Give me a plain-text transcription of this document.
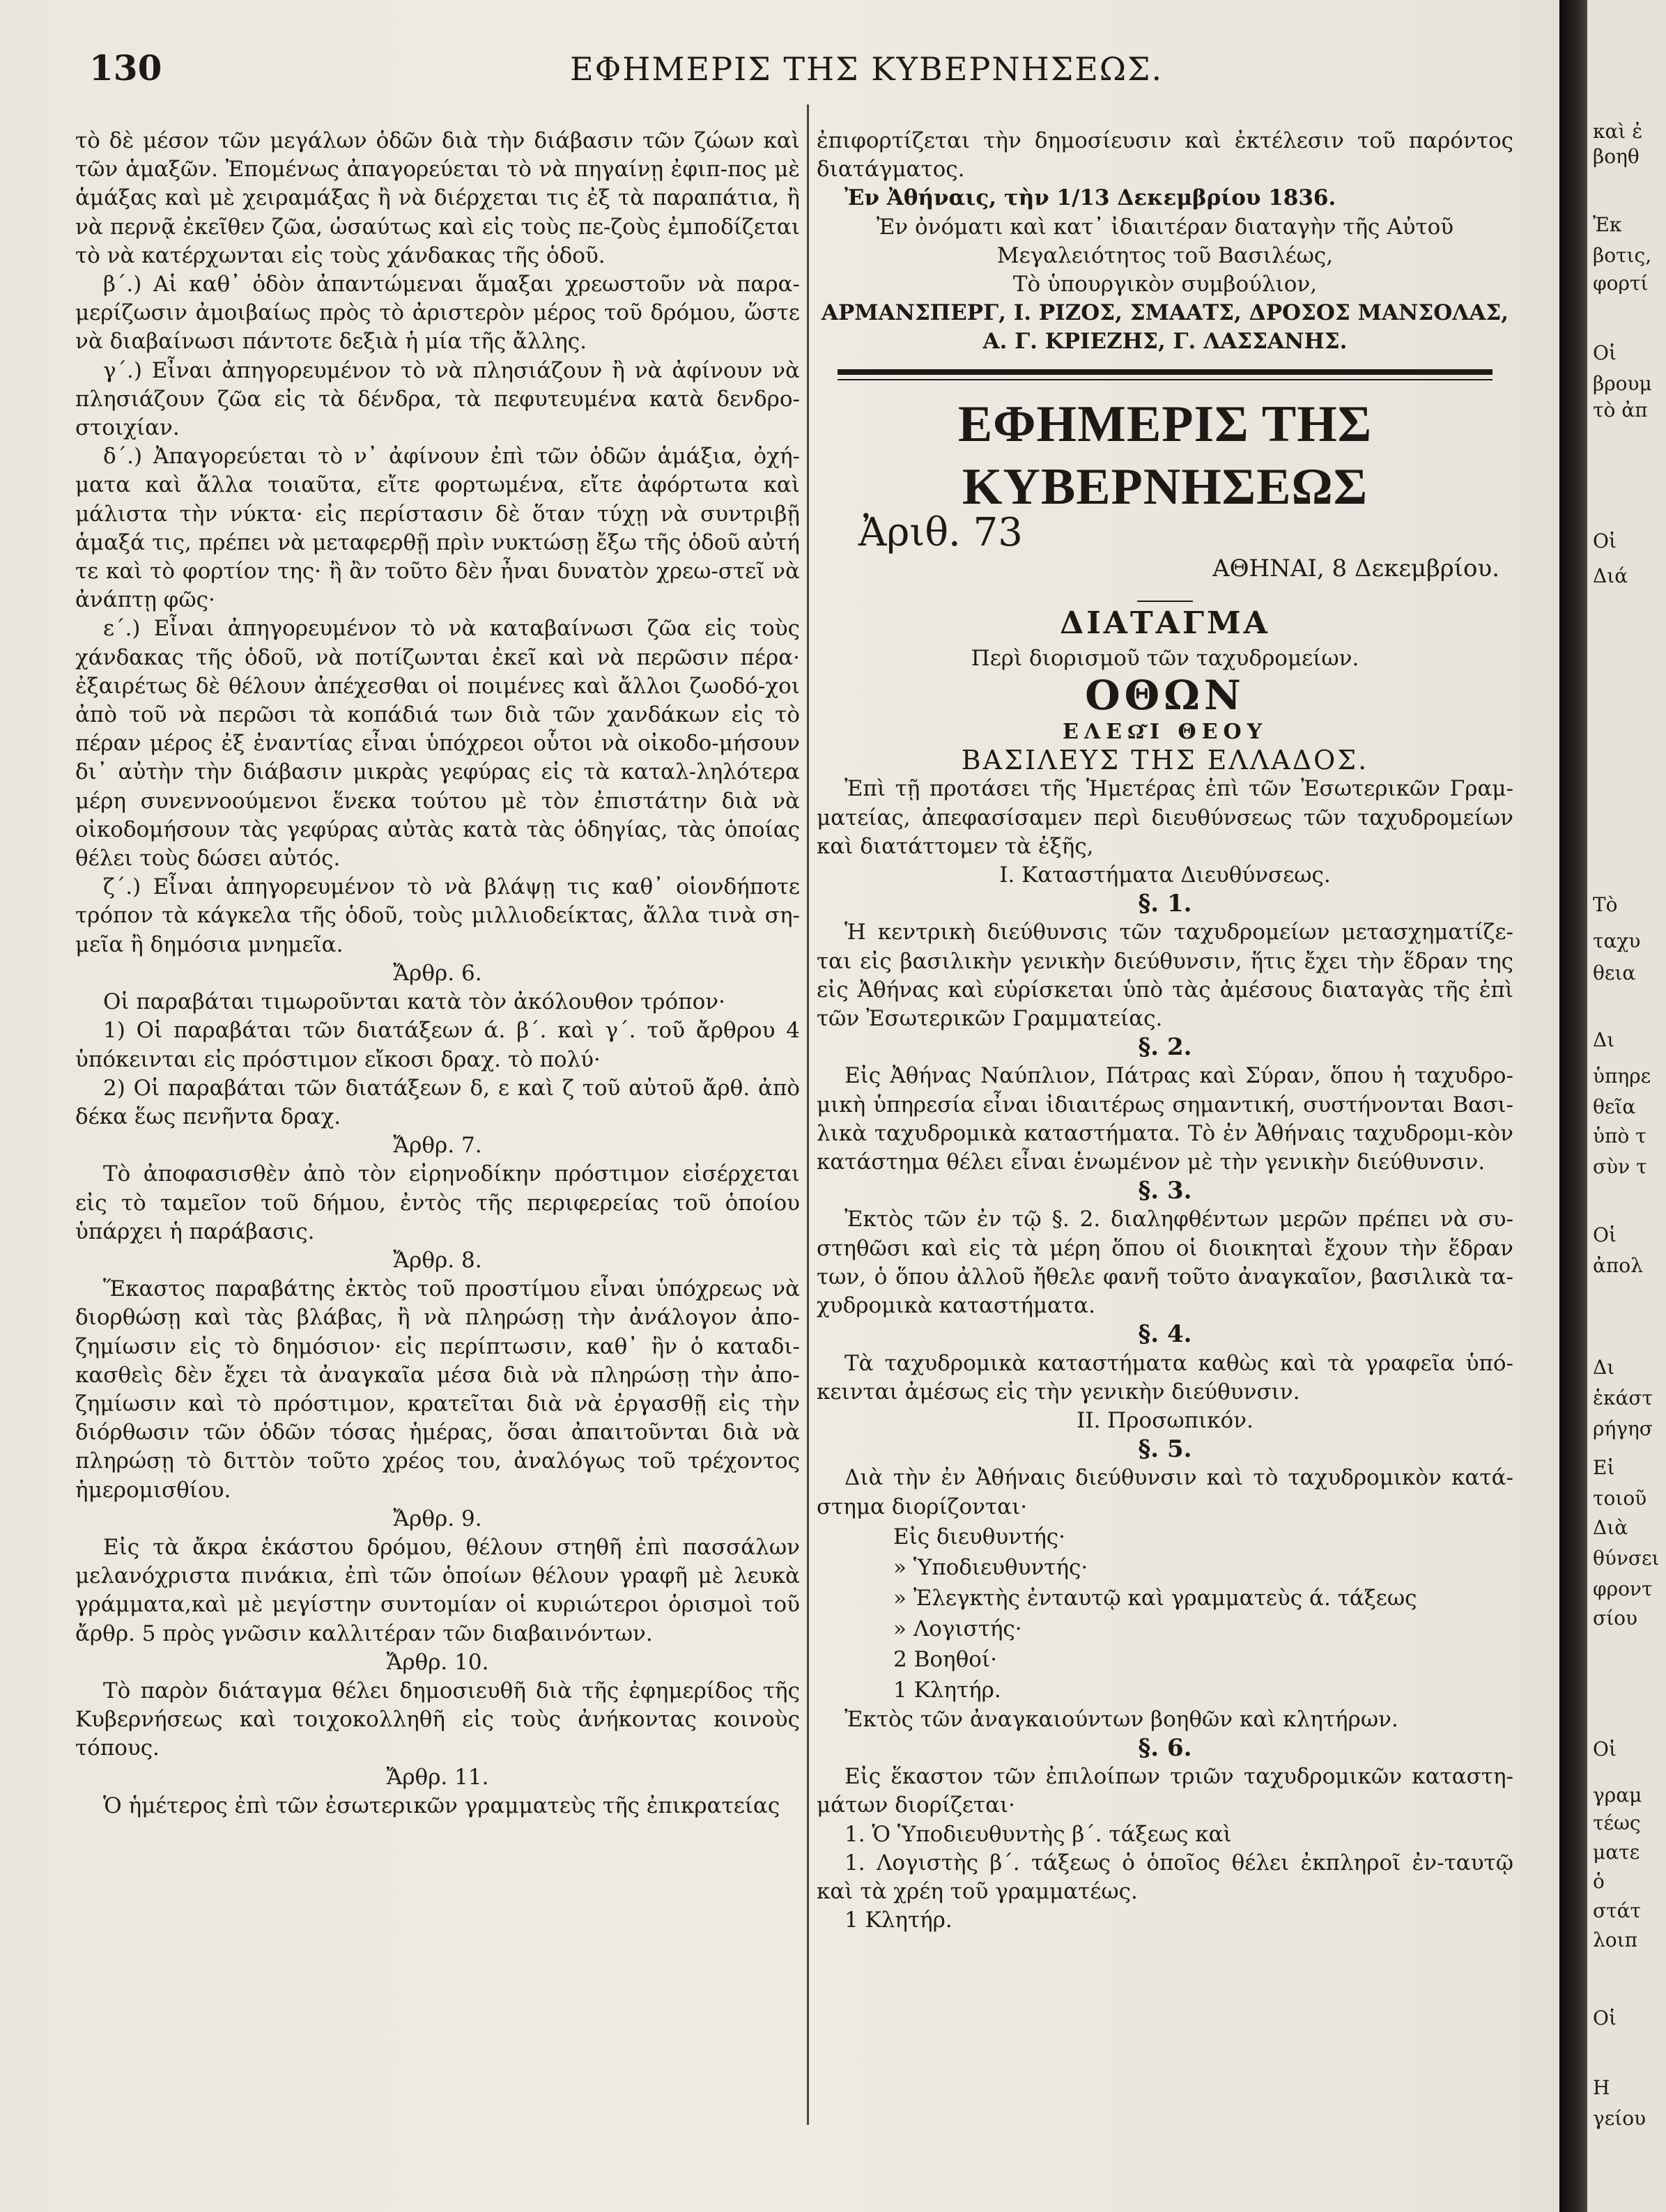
130	ΕΦΗΜΕΡΙΣ ΤΗΣ ΚΥΒΕΡΝΗΣΕΩΣ.

τὸ δὲ μέσον τῶν μεγάλων ὁδῶν διὰ τὴν διάβασιν τῶν ζώων καὶ τῶν ἁμαξῶν. Ἐπομένως ἀπαγορεύεται τὸ νὰ πηγαίνῃ ἐφιπ-πος μὲ ἁμάξας καὶ μὲ χειραμάξας ἢ νὰ διέρχεται τις ἐξ τὰ παραπάτια, ἢ νὰ περνᾷ ἐκεῖθεν ζῶα, ὡσαύτως καὶ εἰς τοὺς πε-ζοὺς ἐμποδίζεται τὸ νὰ κατέρχωνται εἰς τοὺς χάνδακας τῆς ὁδοῦ.

β΄.) Αἱ καθ᾿ ὁδὸν ἀπαντώμεναι ἅμαξαι χρεωστοῦν νὰ παρα-μερίζωσιν ἀμοιβαίως πρὸς τὸ ἀριστερὸν μέρος τοῦ δρόμου, ὥστε νὰ διαβαίνωσι πάντοτε δεξιὰ ἡ μία τῆς ἄλλης.

γ΄.) Εἶναι ἀπηγορευμένον τὸ νὰ πλησιάζουν ἢ νὰ ἀφίνουν νὰ πλησιάζουν ζῶα εἰς τὰ δένδρα, τὰ πεφυτευμένα κατὰ δενδρο-στοιχίαν.

δ΄.) Ἀπαγορεύεται τὸ ν᾿ ἀφίνουν ἐπὶ τῶν ὁδῶν ἁμάξια, ὀχή-ματα καὶ ἄλλα τοιαῦτα, εἴτε φορτωμένα, εἴτε ἀφόρτωτα καὶ μάλιστα τὴν νύκτα· εἰς περίστασιν δὲ ὅταν τύχῃ νὰ συντριβῇ ἁμαξά τις, πρέπει νὰ μεταφερθῇ πρὶν νυκτώσῃ ἔξω τῆς ὁδοῦ αὐτή τε καὶ τὸ φορτίον της· ἢ ἂν τοῦτο δὲν ἦναι δυνατὸν χρεω-στεῖ νὰ ἀνάπτῃ φῶς·

ε΄.) Εἶναι ἀπηγορευμένον τὸ νὰ καταβαίνωσι ζῶα εἰς τοὺς χάνδακας τῆς ὁδοῦ, νὰ ποτίζωνται ἐκεῖ καὶ νὰ περῶσιν πέρα· ἐξαιρέτως δὲ θέλουν ἀπέχεσθαι οἱ ποιμένες καὶ ἄλλοι ζωοδό-χοι ἀπὸ τοῦ νὰ περῶσι τὰ κοπάδιά των διὰ τῶν χανδάκων εἰς τὸ πέραν μέρος ἐξ ἐναντίας εἶναι ὑπόχρεοι οὗτοι νὰ οἰκοδο-μήσουν δι᾿ αὐτὴν τὴν διάβασιν μικρὰς γεφύρας εἰς τὰ καταλ-ληλότερα μέρη συνεννοούμενοι ἕνεκα τούτου μὲ τὸν ἐπιστάτην διὰ νὰ οἰκοδομήσουν τὰς γεφύρας αὐτὰς κατὰ τὰς ὁδηγίας, τὰς ὁποίας θέλει τοὺς δώσει αὐτός.

ζ΄.) Εἶναι ἀπηγορευμένον τὸ νὰ βλάψῃ τις καθ᾿ οἱονδήποτε τρόπον τὰ κάγκελα τῆς ὁδοῦ, τοὺς μιλλιοδείκτας, ἄλλα τινὰ ση-μεῖα ἢ δημόσια μνημεῖα.

Ἄρθρ. 6.

Οἱ παραβάται τιμωροῦνται κατὰ τὸν ἀκόλουθον τρόπον·

1) Οἱ παραβάται τῶν διατάξεων ά. β΄. καὶ γ΄. τοῦ ἄρθρου 4 ὑπόκεινται εἰς πρόστιμον εἴκοσι δραχ. τὸ πολύ·

2) Οἱ παραβάται τῶν διατάξεων δ, ε καὶ ζ τοῦ αὐτοῦ ἄρθ. ἀπὸ δέκα ἕως πενῆντα δραχ.

Ἄρθρ. 7.

Τὸ ἀποφασισθὲν ἀπὸ τὸν εἰρηνοδίκην πρόστιμον εἰσέρχεται εἰς τὸ ταμεῖον τοῦ δήμου, ἐντὸς τῆς περιφερείας τοῦ ὁποίου ὑπάρχει ἡ παράβασις.

Ἄρθρ. 8.

Ἕκαστος παραβάτης ἐκτὸς τοῦ προστίμου εἶναι ὑπόχρεως νὰ διορθώσῃ καὶ τὰς βλάβας, ἢ νὰ πληρώσῃ τὴν ἀνάλογον ἀπο-ζημίωσιν εἰς τὸ δημόσιον· εἰς περίπτωσιν, καθ᾿ ἣν ὁ καταδι-κασθεὶς δὲν ἔχει τὰ ἀναγκαῖα μέσα διὰ νὰ πληρώσῃ τὴν ἀπο-ζημίωσιν καὶ τὸ πρόστιμον, κρατεῖται διὰ νὰ ἐργασθῇ εἰς τὴν διόρθωσιν τῶν ὁδῶν τόσας ἡμέρας, ὅσαι ἀπαιτοῦνται διὰ νὰ πληρώσῃ τὸ διττὸν τοῦτο χρέος του, ἀναλόγως τοῦ τρέχοντος ἡμερομισθίου.

Ἄρθρ. 9.

Εἰς τὰ ἄκρα ἑκάστου δρόμου, θέλουν στηθῆ ἐπὶ πασσάλων μελανόχριστα πινάκια, ἐπὶ τῶν ὁποίων θέλουν γραφῆ μὲ λευκὰ γράμματα,καὶ μὲ μεγίστην συντομίαν οἱ κυριώτεροι ὁρισμοὶ τοῦ ἄρθρ. 5 πρὸς γνῶσιν καλλιτέραν τῶν διαβαινόντων.

Ἄρθρ. 10.

Τὸ παρὸν διάταγμα θέλει δημοσιευθῆ διὰ τῆς ἐφημερίδος τῆς Κυβερνήσεως καὶ τοιχοκολληθῆ εἰς τοὺς ἀνήκοντας κοινοὺς τόπους.

Ἄρθρ. 11.

Ὁ ἡμέτερος ἐπὶ τῶν ἐσωτερικῶν γραμματεὺς τῆς ἐπικρατείας

ἐπιφορτίζεται τὴν δημοσίευσιν καὶ ἐκτέλεσιν τοῦ παρόντος διατάγματος.

Ἐν Ἀθήναις, τὴν 1/13 Δεκεμβρίου 1836.

Ἐν ὀνόματι καὶ κατ᾿ ἰδιαιτέραν διαταγὴν τῆς Αὐτοῦ

Μεγαλειότητος τοῦ Βασιλέως,

Τὸ ὑπουργικὸν συμβούλιον,

ΑΡΜΑΝΣΠΕΡΓ, Ι. ΡΙΖΟΣ, ΣΜΑΑΤΣ, ΔΡΟΣΟΣ ΜΑΝΣΟΛΑΣ,

Α. Γ. ΚΡΙΕΖΗΣ, Γ. ΛΑΣΣΑΝΗΣ.

ΕΦΗΜΕΡΙΣ ΤΗΣ ΚΥΒΕΡΝΗΣΕΩΣ
Ἀριθ. 73
ΑΘΗΝΑΙ, 8 Δεκεμβρίου.
ΔΙΑΤΑΓΜΑ

Περὶ διορισμοῦ τῶν ταχυδρομείων.

ΟΘΩΝ
ΕΛΕΩ͂Ι ΘΕΟΥ
ΒΑΣΙΛΕΥΣ ΤΗΣ ΕΛΛΑΔΟΣ.

Ἐπὶ τῇ προτάσει τῆς Ἡμετέρας ἐπὶ τῶν Ἐσωτερικῶν Γραμ-ματείας, ἀπεφασίσαμεν περὶ διευθύνσεως τῶν ταχυδρομείων καὶ διατάττομεν τὰ ἑξῆς,

Ι. Καταστήματα Διευθύνσεως.

§. 1.

Ἡ κεντρικὴ διεύθυνσις τῶν ταχυδρομείων μετασχηματίζε-ται εἰς βασιλικὴν γενικὴν διεύθυνσιν, ἥτις ἔχει τὴν ἕδραν της εἰς Ἀθήνας καὶ εὑρίσκεται ὑπὸ τὰς ἀμέσους διαταγὰς τῆς ἐπὶ τῶν Ἐσωτερικῶν Γραμματείας.

§. 2.

Εἰς Ἀθήνας Ναύπλιον, Πάτρας καὶ Σύραν, ὅπου ἡ ταχυδρο-μικὴ ὑπηρεσία εἶναι ἰδιαιτέρως σημαντική, συστήνονται Βασι-λικὰ ταχυδρομικὰ καταστήματα. Τὸ ἐν Ἀθήναις ταχυδρομι-κὸν κατάστημα θέλει εἶναι ἑνωμένον μὲ τὴν γενικὴν διεύθυνσιν.

§. 3.

Ἐκτὸς τῶν ἐν τῷ §. 2. διαληφθέντων μερῶν πρέπει νὰ συ-στηθῶσι καὶ εἰς τὰ μέρη ὅπου οἱ διοικηταὶ ἔχουν τὴν ἕδραν των, ὁ ὅπου ἀλλοῦ ἤθελε φανῆ τοῦτο ἀναγκαῖον, βασιλικὰ τα-χυδρομικὰ καταστήματα.

§. 4.

Τὰ ταχυδρομικὰ καταστήματα καθὼς καὶ τὰ γραφεῖα ὑπό-κεινται ἀμέσως εἰς τὴν γενικὴν διεύθυνσιν.

ΙΙ. Προσωπικόν.

§. 5.

Διὰ τὴν ἐν Ἀθήναις διεύθυνσιν καὶ τὸ ταχυδρομικὸν κατά-στημα διορίζονται·

Εἰς διευθυντής·
» Ὑποδιευθυντής·
» Ἐλεγκτὴς ἐνταυτῷ καὶ γραμματεὺς ά. τάξεως
» Λογιστής·
2 Βοηθοί·
1 Κλητήρ.

Ἐκτὸς τῶν ἀναγκαιούντων βοηθῶν καὶ κλητήρων.

§. 6.

Εἰς ἕκαστον τῶν ἐπιλοίπων τριῶν ταχυδρομικῶν καταστη-μάτων διορίζεται·

1. Ὁ Ὑποδιευθυντὴς β΄. τάξεως καὶ

1. Λογιστὴς β΄. τάξεως ὁ ὁποῖος θέλει ἐκπληροῖ ἐν-ταυτῷ καὶ τὰ χρέη τοῦ γραμματέως.

1 Κλητήρ.

καὶ ἐ
βοηθ
Ἐκ
βοτις,
φορτί
Οἱ
βρουμ
τὸ ἀπ
Οἱ
Διά
Τὸ
ταχυ
θεια
Δι
ὑπηρε
θεῖα
ὑπὸ τ
σὺν τ
Οἱ
ἀπολ
Δι
ἑκάστ
ρήγησ
Εἰ
τοιοῦ
Διὰ
θύνσει
φροντ
σίου
Οἱ
γραμ
τέως
ματε
ὁ
στάτ
λοιπ
Οἱ
Η
γείου
